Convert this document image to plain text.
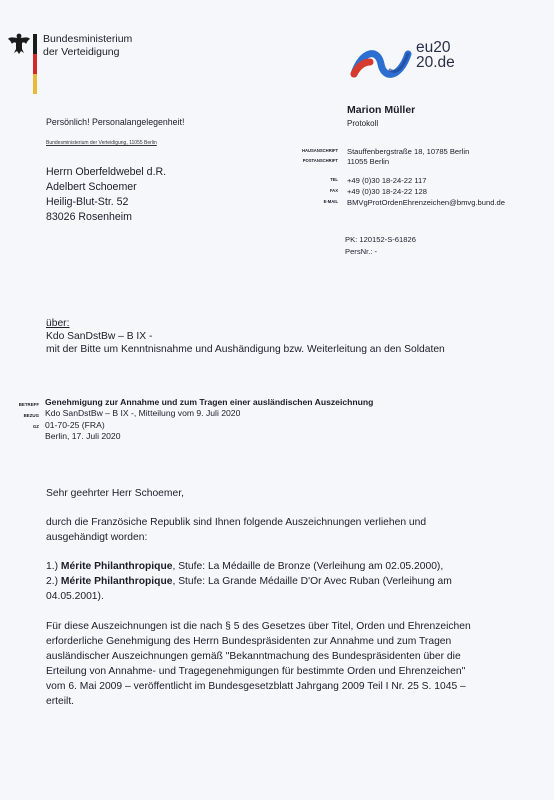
Bundesministerium
der Verteidigung	eu20
20.de
Marion Müller
Protokoll
Persönlich! Personalangelegenheit!
Bundesministerium der Verteidigung, 11055 Berlin
Herrn Oberfeldwebel d.R.
Adelbert Schoemer
Heilig-Blut-Str. 52
83026 Rosenheim
HAUSANSCHRIFT
POSTANSCHRIFT
TEL
FAX
E-MAIL
Stauffenbergstraße 18, 10785 Berlin
11055 Berlin
+49 (0)30 18-24-22 117
+49 (0)30 18-24-22 128
BMVgProtOrdenEhrenzeichen@bmvg.bund.de
PK: 120152-S-61826
PersNr.: -
über:
Kdo SanDstBw – B IX -
mit der Bitte um Kenntnisnahme und Aushändigung bzw. Weiterleitung an den Soldaten
BETREFF Genehmigung zur Annahme und zum Tragen einer ausländischen Auszeichnung
BEZUG Kdo SanDstBw – B IX -, Mitteilung vom 9. Juli 2020
GZ 01-70-25 (FRA)
Berlin, 17. Juli 2020
Sehr geehrter Herr Schoemer,
durch die Französiche Republik sind Ihnen folgende Auszeichnungen verliehen und
ausgehändigt worden:
1.) Mérite Philanthropique, Stufe: La Médaille de Bronze (Verleihung am 02.05.2000),
2.) Mérite Philanthropique, Stufe: La Grande Médaille D'Or Avec Ruban (Verleihung am
04.05.2001).
Für diese Auszeichnungen ist die nach § 5 des Gesetzes über Titel, Orden und Ehrenzeichen
erforderliche Genehmigung des Herrn Bundespräsidenten zur Annahme und zum Tragen
ausländischer Auszeichnungen gemäß "Bekanntmachung des Bundespräsidenten über die
Erteilung von Annahme- und Tragegenehmigungen für bestimmte Orden und Ehrenzeichen"
vom 6. Mai 2009 – veröffentlicht im Bundesgesetzblatt Jahrgang 2009 Teil I Nr. 25 S. 1045 –
erteilt.
